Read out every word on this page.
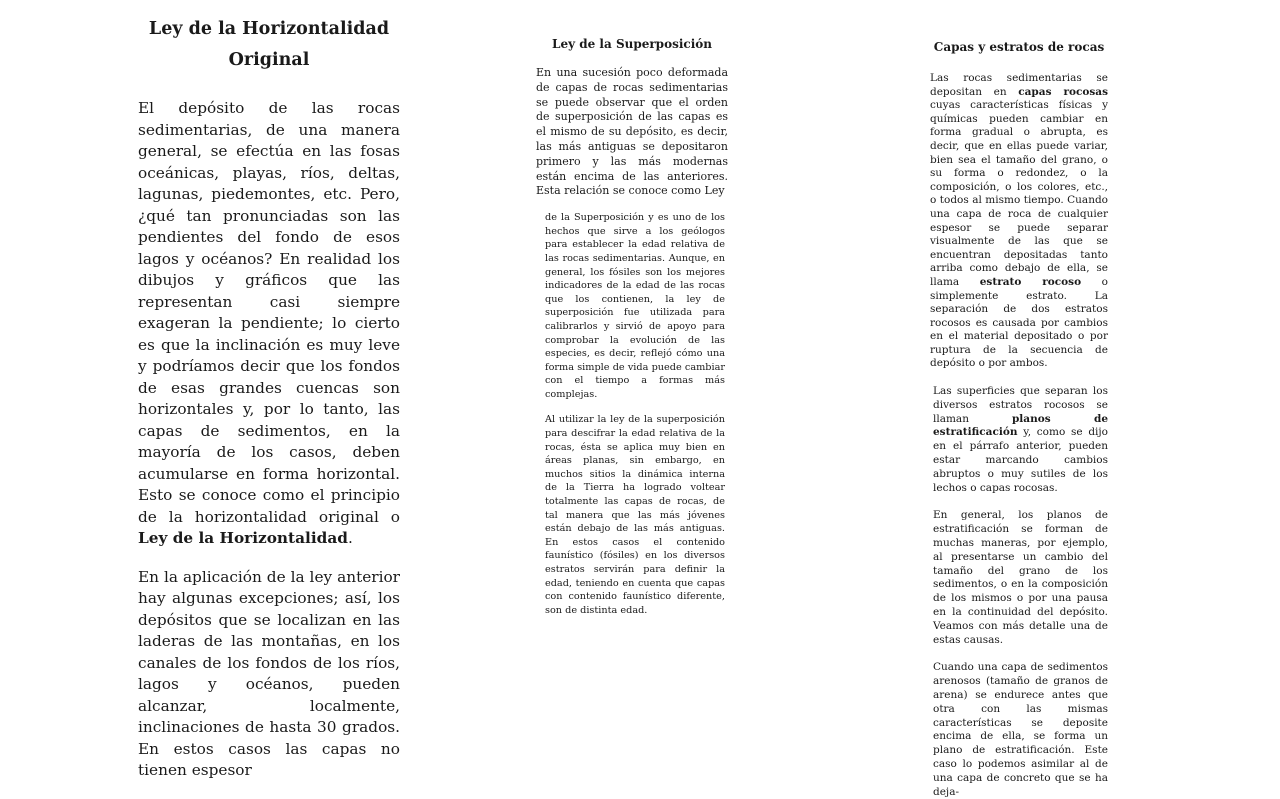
Ley de la Horizontalidad Original

El depósito de las rocas sedimentarias, de una manera general, se efectúa en las fosas oceánicas, playas, ríos, deltas, lagunas, piedemontes, etc. Pero, ¿qué tan pronunciadas son las pendientes del fondo de esos lagos y océanos? En realidad los dibujos y gráficos que las representan casi siempre exageran la pendiente; lo cierto es que la inclinación es muy leve y podríamos decir que los fondos de esas grandes cuencas son horizontales y, por lo tanto, las capas de sedimentos, en la mayoría de los casos, deben acumularse en forma horizontal. Esto se conoce como el principio de la horizontalidad original o Ley de la Horizontalidad.

En la aplicación de la ley anterior hay algunas excepciones; así, los depósitos que se localizan en las laderas de las montañas, en los canales de los fondos de los ríos, lagos y océanos, pueden alcanzar, localmente, inclinaciones de hasta 30 grados. En estos casos las capas no tienen espesor

Ley de la Superposición

En una sucesión poco deformada de capas de rocas sedimentarias se puede observar que el orden de superposición de las capas es el mismo de su depósito, es decir, las más antiguas se depositaron primero y las más modernas están encima de las anteriores. Esta relación se conoce como Ley

de la Superposición y es uno de los hechos que sirve a los geólogos para establecer la edad relativa de las rocas sedimentarias. Aunque, en general, los fósiles son los mejores indicadores de la edad de las rocas que los contienen, la ley de superposición fue utilizada para calibrarlos y sirvió de apoyo para comprobar la evolución de las especies, es decir, reflejó cómo una forma simple de vida puede cambiar con el tiempo a formas más complejas.

Al utilizar la ley de la superposición para descifrar la edad relativa de la rocas, ésta se aplica muy bien en áreas planas, sin embargo, en muchos sitios la dinámica interna de la Tierra ha logrado voltear totalmente las capas de rocas, de tal manera que las más jóvenes están debajo de las más antiguas. En estos casos el contenido faunístico (fósiles) en los diversos estratos servirán para definir la edad, teniendo en cuenta que capas con contenido faunístico diferente, son de distinta edad.

Capas y estratos de rocas

Las rocas sedimentarias se depositan en capas rocosas cuyas características físicas y químicas pueden cambiar en forma gradual o abrupta, es decir, que en ellas puede variar, bien sea el tamaño del grano, o su forma o redondez, o la composición, o los colores, etc., o todos al mismo tiempo. Cuando una capa de roca de cualquier espesor se puede separar visualmente de las que se encuentran depositadas tanto arriba como debajo de ella, se llama estrato rocoso o simplemente estrato. La separación de dos estratos rocosos es causada por cambios en el material depositado o por ruptura de la secuencia de depósito o por ambos.

Las superficies que separan los diversos estratos rocosos se llaman planos de estratificación y, como se dijo en el párrafo anterior, pueden estar marcando cambios abruptos o muy sutiles de los lechos o capas rocosas.

En general, los planos de estratificación se forman de muchas maneras, por ejemplo, al presentarse un cambio del tamaño del grano de los sedimentos, o en la composición de los mismos o por una pausa en la continuidad del depósito. Veamos con más detalle una de estas causas.

Cuando una capa de sedimentos arenosos (tamaño de granos de arena) se endurece antes que otra con las mismas características se deposite encima de ella, se forma un plano de estratificación. Este caso lo podemos asimilar al de una capa de concreto que se ha deja-
